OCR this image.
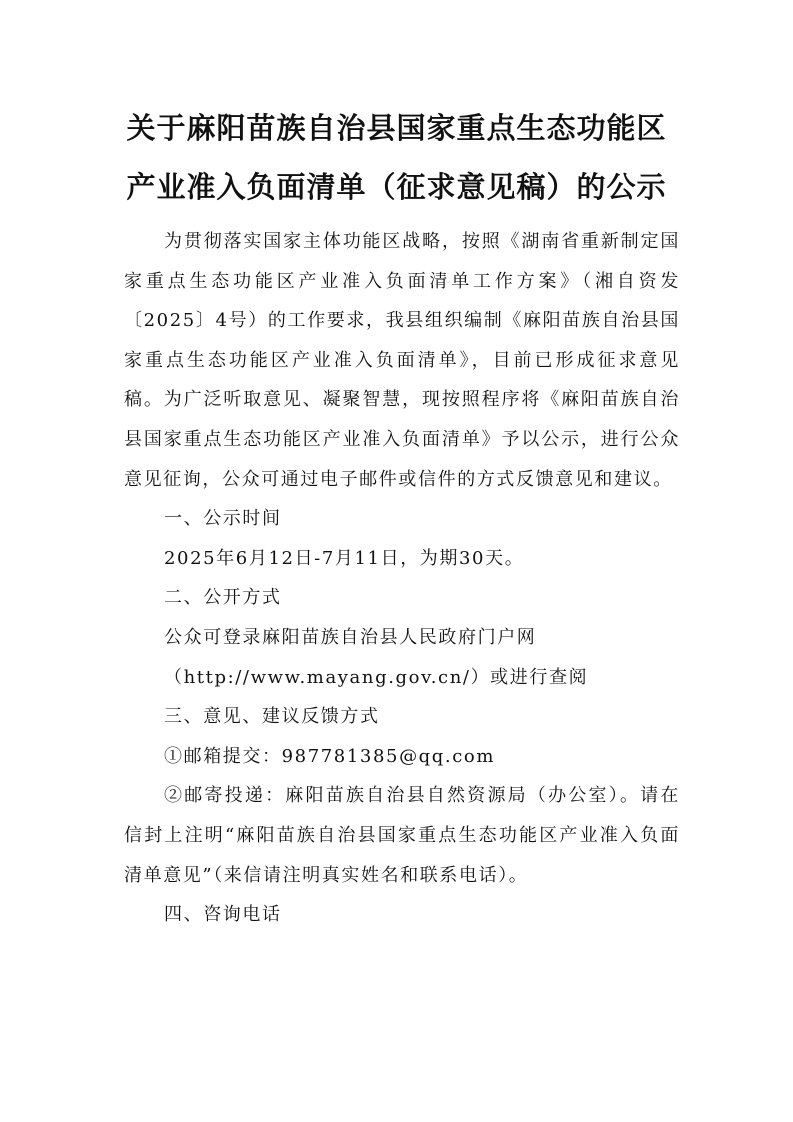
关于麻阳苗族自治县国家重点生态功能区
产业准入负面清单（征求意见稿）的公示

为贯彻落实国家主体功能区战略，按照《湖南省重新制定国家重点生态功能区产业准入负面清单工作方案》（湘自资发〔2025〕4号）的工作要求，我县组织编制《麻阳苗族自治县国家重点生态功能区产业准入负面清单》，目前已形成征求意见稿。为广泛听取意见、凝聚智慧，现按照程序将《麻阳苗族自治县国家重点生态功能区产业准入负面清单》予以公示，进行公众意见征询，公众可通过电子邮件或信件的方式反馈意见和建议。

一、公示时间

2025年6月12日-7月11日，为期30天。

二、公开方式

公众可登录麻阳苗族自治县人民政府门户网

（http://www.mayang.gov.cn/）或进行查阅

三、意见、建议反馈方式

①邮箱提交：987781385@qq.com

②邮寄投递：麻阳苗族自治县自然资源局（办公室）。请在信封上注明“麻阳苗族自治县国家重点生态功能区产业准入负面清单意见”（来信请注明真实姓名和联系电话）。

四、咨询电话
